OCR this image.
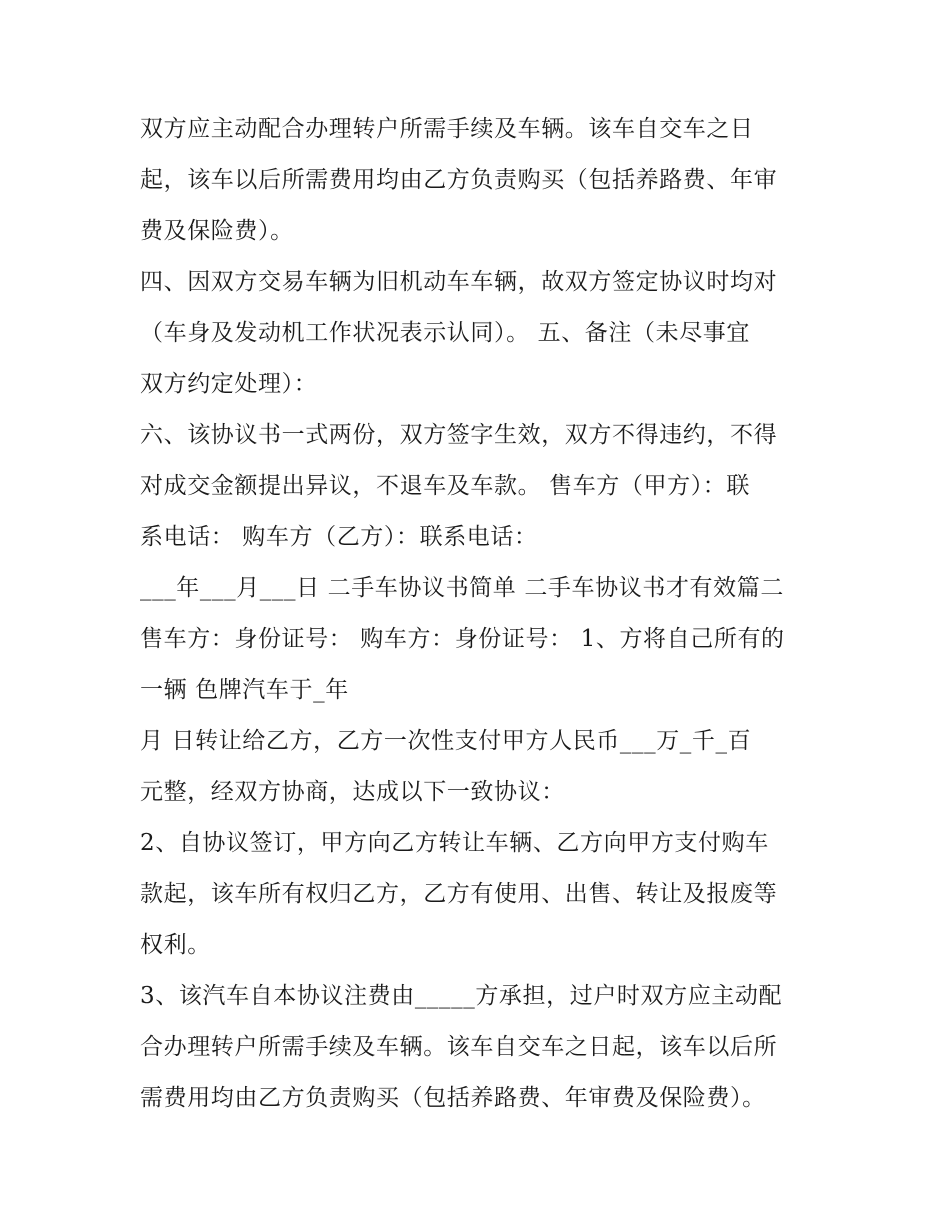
双方应主动配合办理转户所需手续及车辆。该车自交车之日
起，该车以后所需费用均由乙方负责购买（包括养路费、年审
费及保险费）。
四、因双方交易车辆为旧机动车车辆，故双方签定协议时均对
（车身及发动机工作状况表示认同）。 五、备注（未尽事宜
双方约定处理）：
六、该协议书一式两份，双方签字生效，双方不得违约，不得
对成交金额提出异议，不退车及车款。 售车方（甲方）：联
系电话： 购车方（乙方）：联系电话：
___年___月___日 二手车协议书简单 二手车协议书才有效篇二
售车方：身份证号： 购车方：身份证号： 1、方将自己所有的
一辆 色牌汽车于_年
月 日转让给乙方，乙方一次性支付甲方人民币___万_千_百
元整，经双方协商，达成以下一致协议：
2、自协议签订，甲方向乙方转让车辆、乙方向甲方支付购车
款起，该车所有权归乙方，乙方有使用、出售、转让及报废等
权利。
3、该汽车自本协议注费由_____方承担，过户时双方应主动配
合办理转户所需手续及车辆。该车自交车之日起，该车以后所
需费用均由乙方负责购买（包括养路费、年审费及保险费）。
